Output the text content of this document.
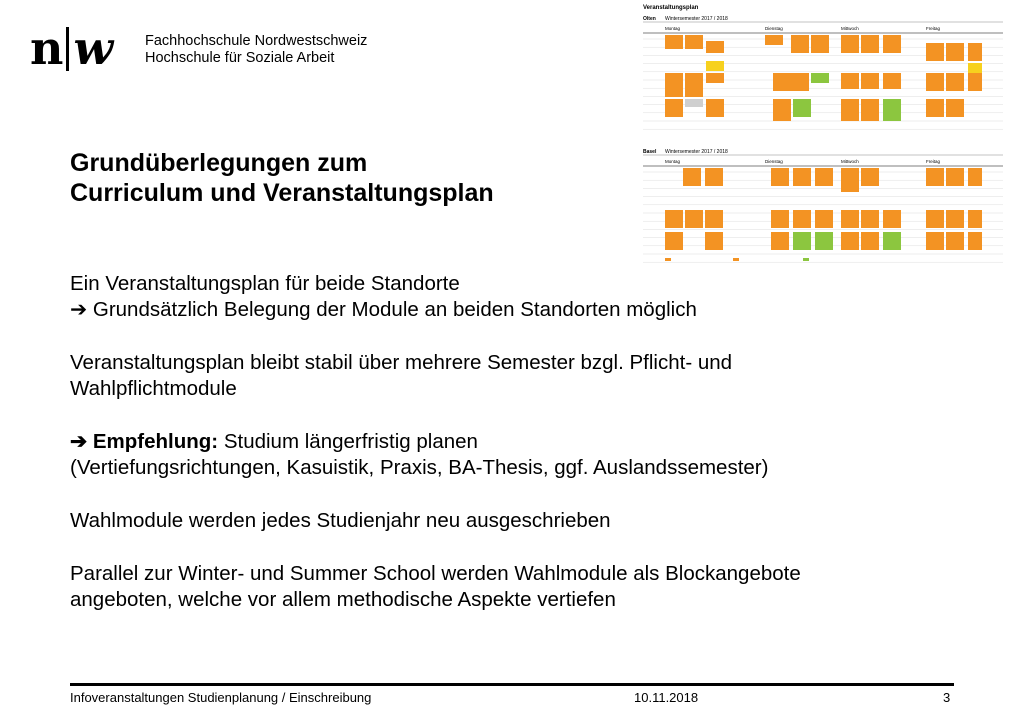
n w Fachhochschule Nordwestschweiz
Hochschule für Soziale Arbeit
Veranstaltungsplan
Olten Wintersemester 2017 / 2018
Montag	Dienstag	Mittwoch	Freitag
Basel Wintersemester 2017 / 2018
Montag	Dienstag	Mittwoch	Freitag
Grundüberlegungen zum
Curriculum und Veranstaltungsplan

Ein Veranstaltungsplan für beide Standorte

➔ Grundsätzlich Belegung der Module an beiden Standorten möglich

Veranstaltungsplan bleibt stabil über mehrere Semester bzgl. Pflicht- und

Wahlpflichtmodule

➔ Empfehlung: Studium längerfristig planen

(Vertiefungsrichtungen, Kasuistik, Praxis, BA-Thesis, ggf. Auslandssemester)

Wahlmodule werden jedes Studienjahr neu ausgeschrieben

Parallel zur Winter- und Summer School werden Wahlmodule als Blockangebote

angeboten, welche vor allem methodische Aspekte vertiefen

Infoveranstaltungen Studienplanung / Einschreibung	10.11.2018	3
